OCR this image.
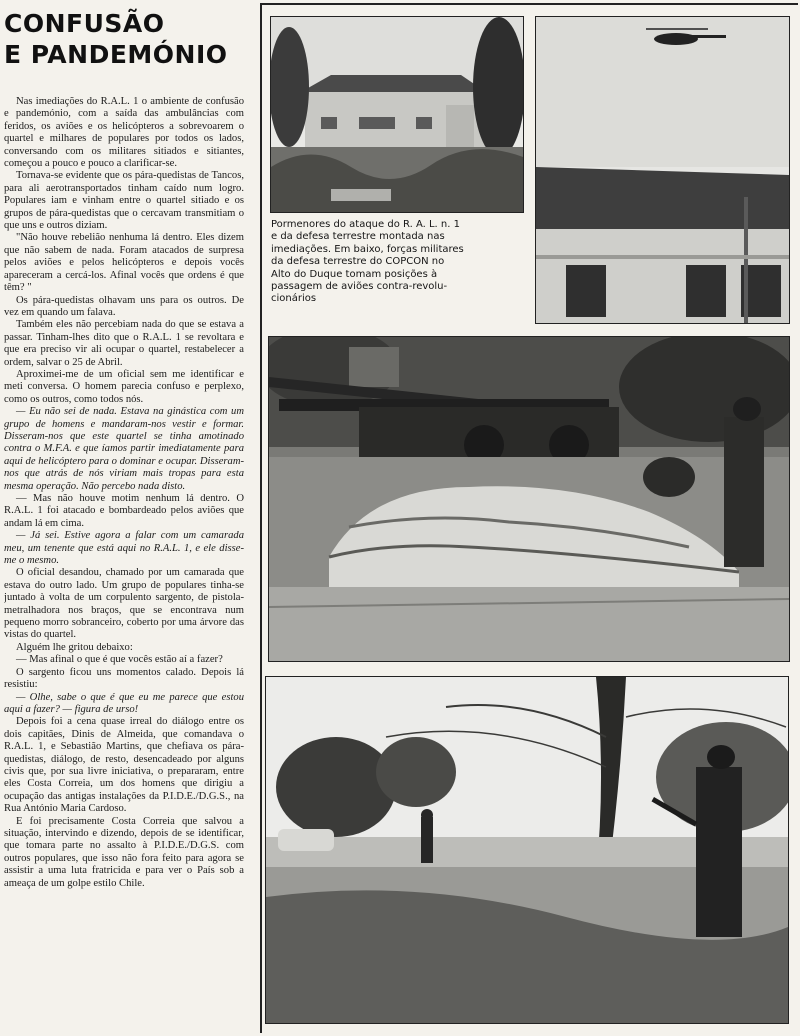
CONFUSÃO
E PANDEMÓNIO

Nas imediações do R.A.L. 1 o ambiente de confusão e pandemónio, com a saída das ambulâncias com feridos, os aviões e os helicópteros a sobrevoarem o quartel e milhares de populares por todos os lados, conversando com os militares sitiados e sitiantes, começou a pouco e pouco a clarificar-se.

Tornava-se evidente que os pára-quedistas de Tancos, para ali aerotransportados tinham caído num logro. Populares iam e vinham entre o quartel sitiado e os grupos de pára-quedistas que o cercavam transmitiam o que uns e outros diziam.

"Não houve rebelião nenhuma lá dentro. Eles dizem que não sabem de nada. Foram atacados de surpresa pelos aviões e pelos helicópteros e depois vocês apareceram a cercá-los. Afinal vocês que ordens é que têm? "

Os pára-quedistas olhavam uns para os outros. De vez em quando um falava.

Também eles não percebiam nada do que se estava a passar. Tinham-lhes dito que o R.A.L. 1 se revoltara e que era preciso vir ali ocupar o quartel, restabelecer a ordem, salvar o 25 de Abril.

Aproximei-me de um oficial sem me identificar e meti conversa. O homem parecia confuso e perplexo, como os outros, como todos nós.

— Eu não sei de nada. Estava na ginástica com um grupo de homens e mandaram-nos vestir e formar. Disseram-nos que este quartel se tinha amotinado contra o M.F.A. e que íamos partir imediatamente para aqui de helicóptero para o dominar e ocupar. Disseram-nos que atrás de nós viriam mais tropas para esta mesma operação. Não percebo nada disto.

— Mas não houve motim nenhum lá dentro. O R.A.L. 1 foi atacado e bombardeado pelos aviões que andam lá em cima.

— Já sei. Estive agora a falar com um camarada meu, um tenente que está aqui no R.A.L. 1, e ele disse-me o mesmo.

O oficial desandou, chamado por um camarada que estava do outro lado. Um grupo de populares tinha-se juntado à volta de um corpulento sargento, de pistola-metralhadora nos braços, que se encontrava num pequeno morro sobranceiro, coberto por uma árvore das vistas do quartel.

Alguém lhe gritou debaixo:

— Mas afinal o que é que vocês estão aí a fazer?

O sargento ficou uns momentos calado. Depois lá resistiu:

— Olhe, sabe o que é que eu me parece que estou aqui a fazer? — figura de urso!

Depois foi a cena quase irreal do diálogo entre os dois capitães, Dinis de Almeida, que comandava o R.A.L. 1, e Sebastião Martins, que chefiava os pára-quedistas, diálogo, de resto, desencadeado por alguns civis que, por sua livre iniciativa, o prepararam, entre eles Costa Correia, um dos homens que dirigiu a ocupação das antigas instalações da P.I.D.E./D.G.S., na Rua António Maria Cardoso.

E foi precisamente Costa Correia que salvou a situação, intervindo e dizendo, depois de se identificar, que tomara parte no assalto à P.I.D.E./D.G.S. com outros populares, que isso não fora feito para agora se assistir a uma luta fratricida e para ver o País sob a ameaça de um golpe estilo Chile.

Pormenores do ataque do R. A. L. n. 1
e da defesa terrestre montada nas
imediações. Em baixo, forças militares
da defesa terrestre do COPCON no
Alto do Duque tomam posições à
passagem de aviões contra-revolu-
cionários
